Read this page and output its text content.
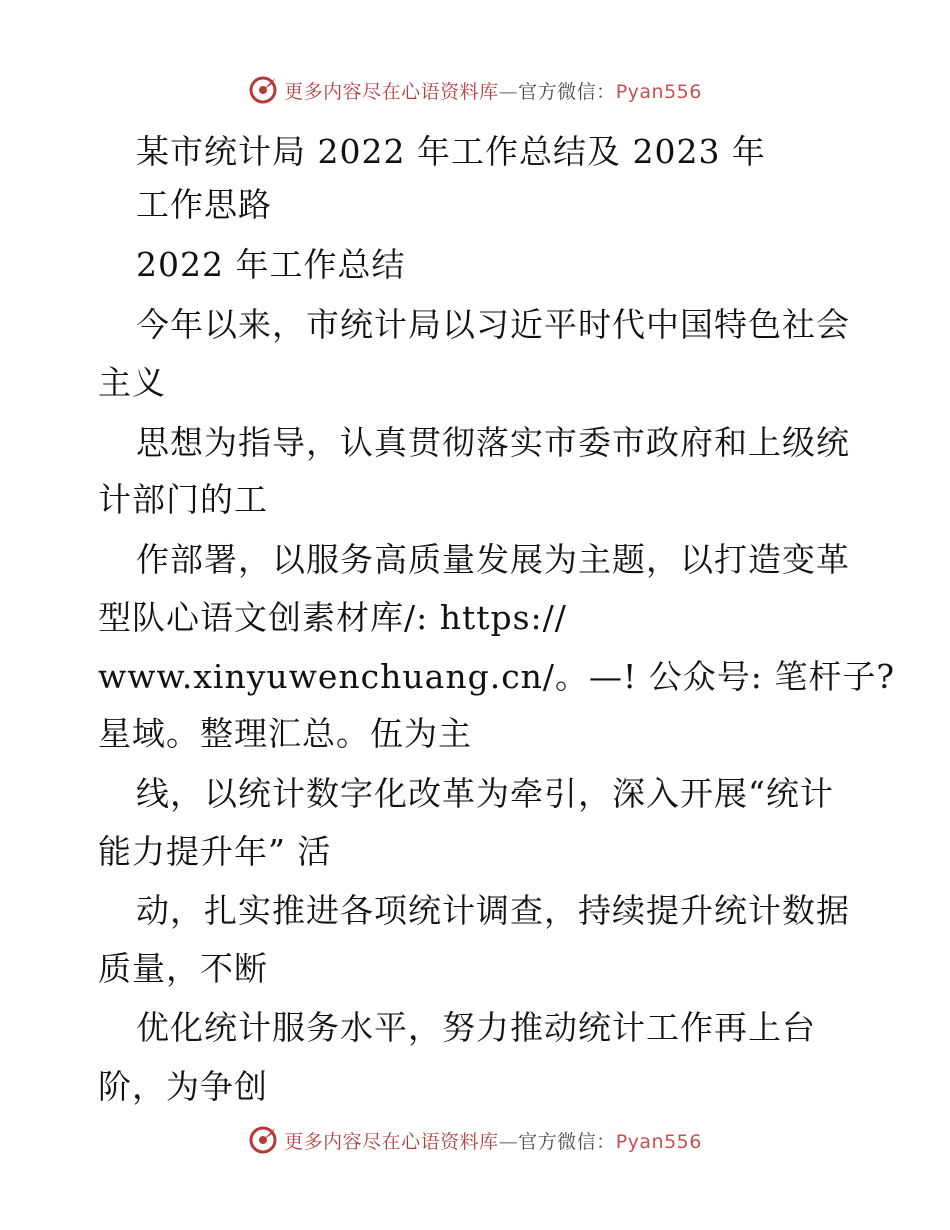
更多内容尽在心语资料库—官方微信：Pyan556
某市统计局 2022 年工作总结及 2023 年
工作思路
2022 年工作总结
今年以来，市统计局以习近平时代中国特色社会
主义
思想为指导，认真贯彻落实市委市政府和上级统
计部门的工
作部署，以服务高质量发展为主题，以打造变革
型队心语文创素材库/: https://
www.xinyuwenchuang.cn/。—! 公众号: 笔杆子?
星域。整理汇总。伍为主
线，以统计数字化改革为牵引，深入开展“统计
能力提升年” 活
动，扎实推进各项统计调查，持续提升统计数据
质量，不断
优化统计服务水平，努力推动统计工作再上台
阶，为争创
更多内容尽在心语资料库—官方微信：Pyan556
